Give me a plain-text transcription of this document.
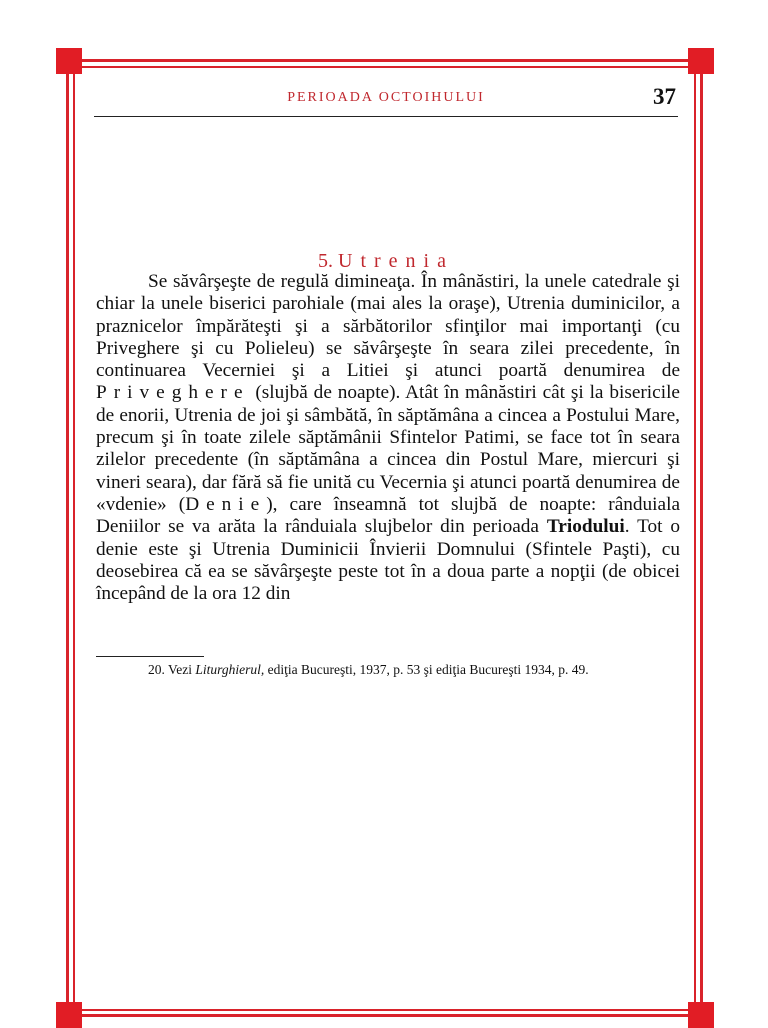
PERIOADA OCTOIHULUI	37
5. Utrenia

Se săvârşeşte de regulă dimineaţa. În mânăstiri, la unele catedrale şi chiar la unele biserici parohiale (mai ales la oraşe), Utrenia duminicilor, a praznicelor împărăteşti şi a sărbătorilor sfinţilor mai importanţi (cu Priveghere şi cu Polieleu) se săvârşeşte în seara zilei precedente, în continuarea Vecerniei şi a Litiei şi atunci poartă denumirea de Priveghere (slujbă de noapte). Atât în mânăstiri cât şi la bisericile de enorii, Utrenia de joi şi sâmbătă, în săptămâna a cincea a Postului Mare, precum şi în toate zilele săptămânii Sfintelor Patimi, se face tot în seara zilelor precedente (în săptămâna a cincea din Postul Mare, miercuri şi vineri seara), dar fără să fie unită cu Vecernia şi atunci poartă denumirea de «vdenie» (Denie), care înseamnă tot slujbă de noapte: rânduiala Deniilor se va arăta la rânduiala slujbelor din perioada Triodului. Tot o denie este şi Utrenia Duminicii Învierii Domnului (Sfintele Paşti), cu deosebirea că ea se săvârşeşte peste tot în a doua parte a nopţii (de obicei începând de la ora 12 din

20. Vezi Liturghierul, ediţia Bucureşti, 1937, p. 53 şi ediţia Bucureşti 1934, p. 49.
